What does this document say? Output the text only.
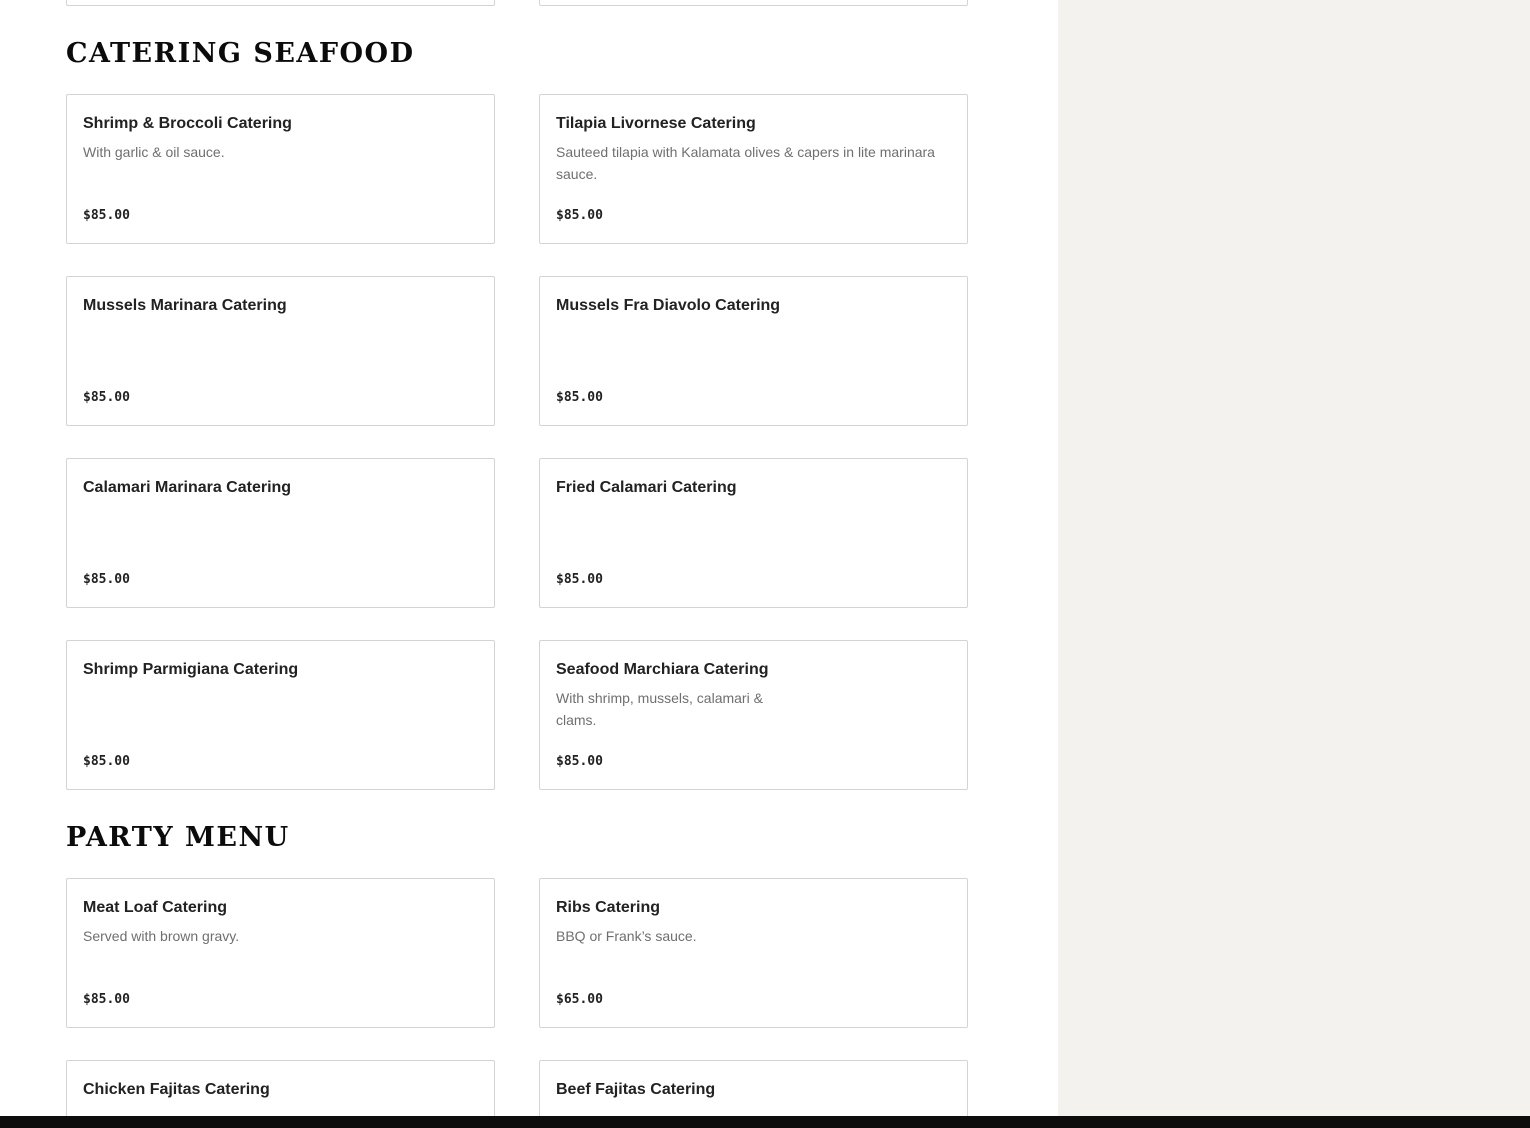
CATERING SEAFOOD
Shrimp & Broccoli Catering
With garlic & oil sauce.
$85.00
Tilapia Livornese Catering
Sauteed tilapia with Kalamata olives & capers in lite marinara sauce.
$85.00
Mussels Marinara Catering
$85.00
Mussels Fra Diavolo Catering
$85.00
Calamari Marinara Catering
$85.00
Fried Calamari Catering
$85.00
Shrimp Parmigiana Catering
$85.00
Seafood Marchiara Catering
With shrimp, mussels, calamari & clams.
$85.00
PARTY MENU
Meat Loaf Catering
Served with brown gravy.
$85.00
Ribs Catering
BBQ or Frank’s sauce.
$65.00
Chicken Fajitas Catering	Beef Fajitas Catering
